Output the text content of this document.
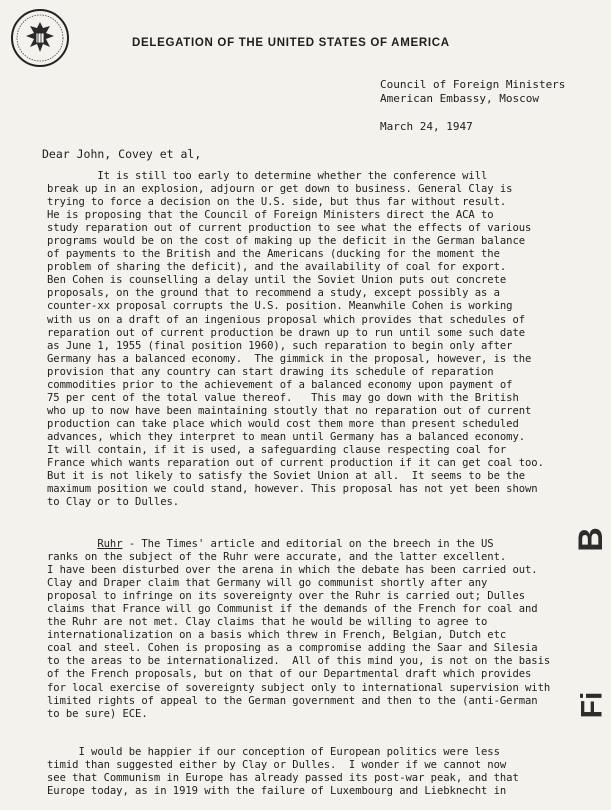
DELEGATION OF THE UNITED STATES OF AMERICA
Council of Foreign Ministers
American Embassy, Moscow
March 24, 1947
Dear John, Covey et al,
It is still too early to determine whether the conference will
break up in an explosion, adjourn or get down to business. General Clay is
trying to force a decision on the U.S. side, but thus far without result.
He is proposing that the Council of Foreign Ministers direct the ACA to
study reparation out of current production to see what the effects of various
programs would be on the cost of making up the deficit in the German balance
of payments to the British and the Americans (ducking for the moment the
problem of sharing the deficit), and the availability of coal for export.
Ben Cohen is counselling a delay until the Soviet Union puts out concrete
proposals, on the ground that to recommend a study, except possibly as a
counter-xx proposal corrupts the U.S. position. Meanwhile Cohen is working
with us on a draft of an ingenious proposal which provides that schedules of
reparation out of current production be drawn up to run until some such date
as June 1, 1955 (final position 1960), such reparation to begin only after
Germany has a balanced economy.  The gimmick in the proposal, however, is the
provision that any country can start drawing its schedule of reparation
commodities prior to the achievement of a balanced economy upon payment of
75 per cent of the total value thereof.   This may go down with the British
who up to now have been maintaining stoutly that no reparation out of current
production can take place which would cost them more than present scheduled
advances, which they interpret to mean until Germany has a balanced economy.
It will contain, if it is used, a safeguarding clause respecting coal for
France which wants reparation out of current production if it can get coal too.
But it is not likely to satisfy the Soviet Union at all.  It seems to be the
maximum position we could stand, however. This proposal has not yet been shown
to Clay or to Dulles.
Ruhr - The Times' article and editorial on the breech in the US
ranks on the subject of the Ruhr were accurate, and the latter excellent.
I have been disturbed over the arena in which the debate has been carried out.
Clay and Draper claim that Germany will go communist shortly after any
proposal to infringe on its sovereignty over the Ruhr is carried out; Dulles
claims that France will go Communist if the demands of the French for coal and
the Ruhr are not met. Clay claims that he would be willing to agree to
internationalization on a basis which threw in French, Belgian, Dutch etc
coal and steel. Cohen is proposing as a compromise adding the Saar and Silesia
to the areas to be internationalized.  All of this mind you, is not on the basis
of the French proposals, but on that of our Departmental draft which provides
for local exercise of sovereignty subject only to international supervision with
limited rights of appeal to the German government and then to the (anti-German
to be sure) ECE.
I would be happier if our conception of European politics were less
timid than suggested either by Clay or Dulles.  I wonder if we cannot now
see that Communism in Europe has already passed its post-war peak, and that
Europe today, as in 1919 with the failure of Luxembourg and Liebknecht in
B
Fi
